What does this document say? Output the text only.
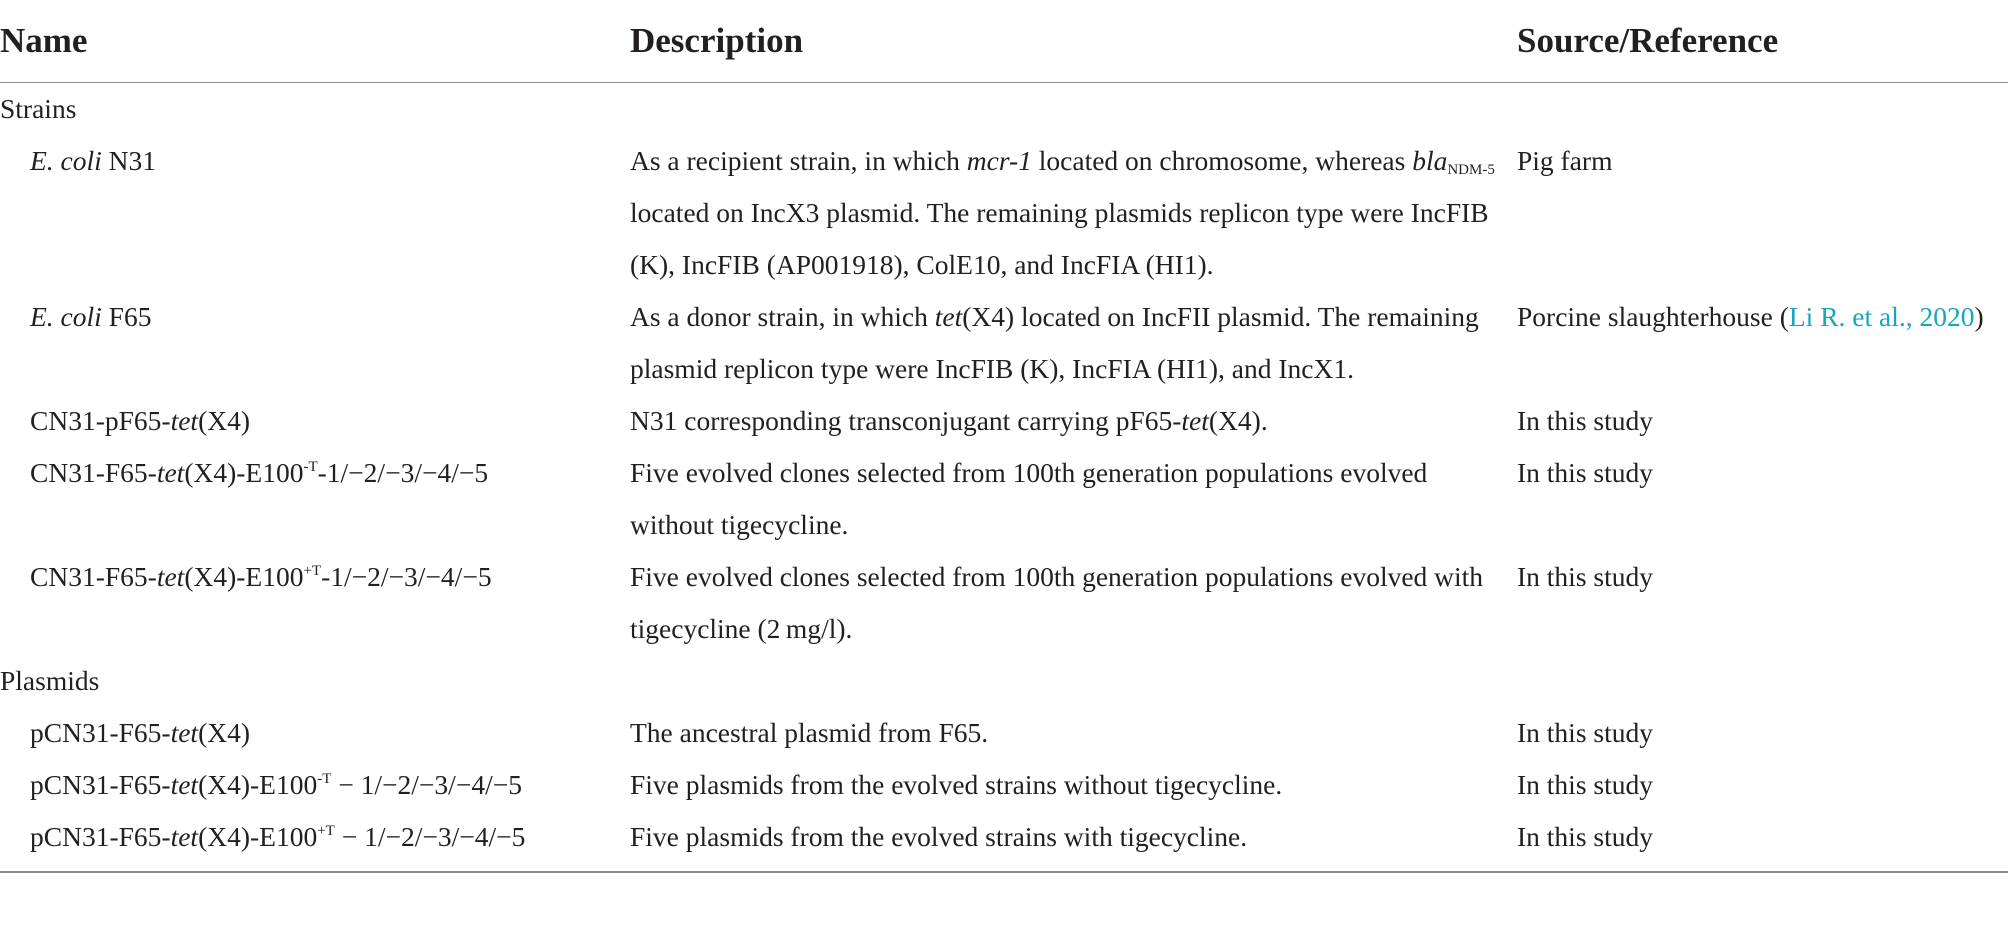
Name	Description	Source/Reference
Strains		
E. coli N31	As a recipient strain, in which mcr-1 located on chromosome, whereas bla$_{NDM-5}$ located on IncX3 plasmid. The remaining plasmids replicon type were IncFIB (K), IncFIB (AP001918), ColE10, and IncFIA (HI1).	Pig farm
E. coli F65	As a donor strain, in which tet(X4) located on IncFII plasmid. The remaining plasmid replicon type were IncFIB (K), IncFIA (HI1), and IncX1.	Porcine slaughterhouse (Li R. et al., 2020)
CN31-pF65-tet(X4)	N31 corresponding transconjugant carrying pF65-tet(X4).	In this study
$CN31-F65-tet(X4)-E100^{-T}-1/-2/-3/-4/-5$	Five evolved clones selected from 100th generation populations evolved without tigecycline.	In this study
$CN31-F65-tet(X4)-E100^{+T}-1/-2/-3/-4/-5$	Five evolved clones selected from 100th generation populations evolved with tigecycline (2 mg/l).	In this study
Plasmids		
pCN31-F65-tet(X4)	The ancestral plasmid from F65.	In this study
$pCN31-F65-tet(X4)-E100^{-T} - 1/-2/-3/-4/-5$	Five plasmids from the evolved strains without tigecycline.	In this study
$pCN31-F65-tet(X4)-E100^{+T} - 1/-2/-3/-4/-5$	Five plasmids from the evolved strains with tigecycline.	In this study
